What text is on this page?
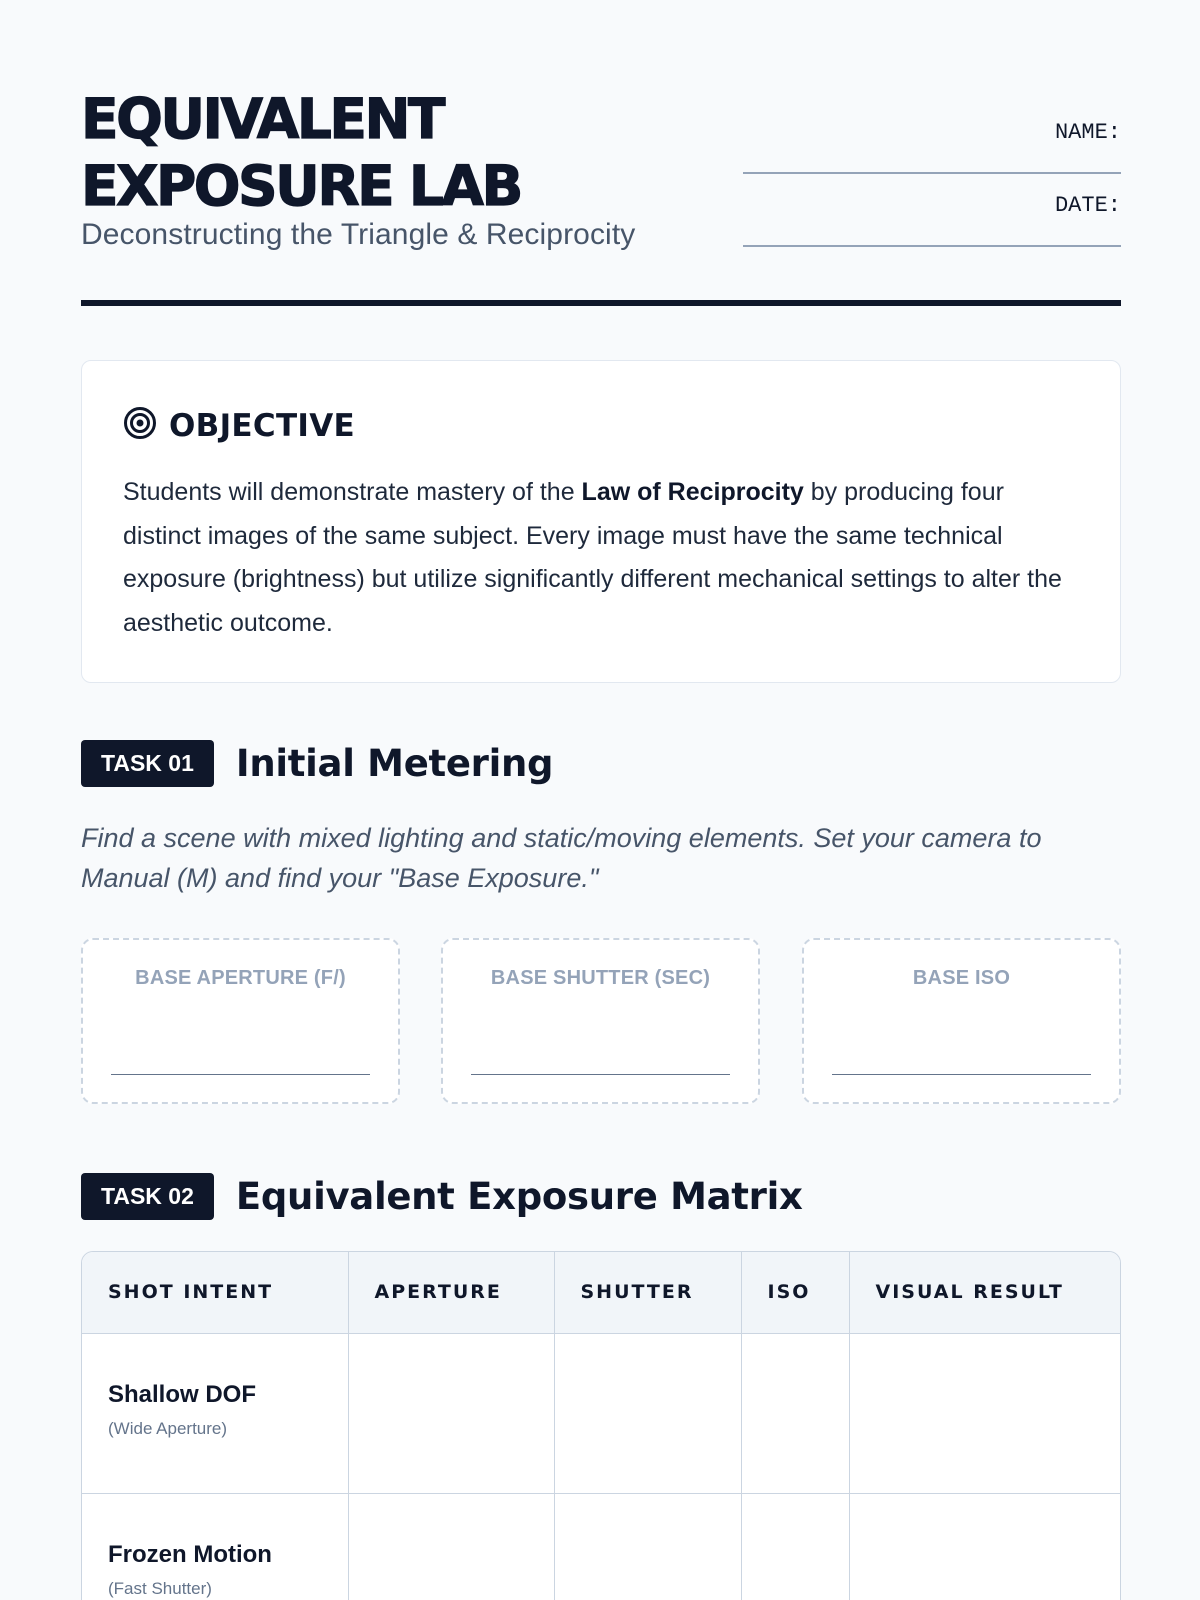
EQUIVALENT
EXPOSURE LAB
Deconstructing the Triangle & Reciprocity
NAME:
DATE:
OBJECTIVE

Students will demonstrate mastery of the Law of Reciprocity by producing four distinct images of the same subject. Every image must have the same technical exposure (brightness) but utilize significantly different mechanical settings to alter the aesthetic outcome.

TASK 01	Initial Metering

Find a scene with mixed lighting and static/moving elements. Set your camera to Manual (M) and find your "Base Exposure."

BASE APERTURE (F/)	BASE SHUTTER (SEC)	BASE ISO
TASK 02	Equivalent Exposure Matrix
SHOT INTENT	APERTURE	SHUTTER	ISO	VISUAL RESULT

Shallow DOF
(Wide Aperture)				

Frozen Motion
(Fast Shutter)				
